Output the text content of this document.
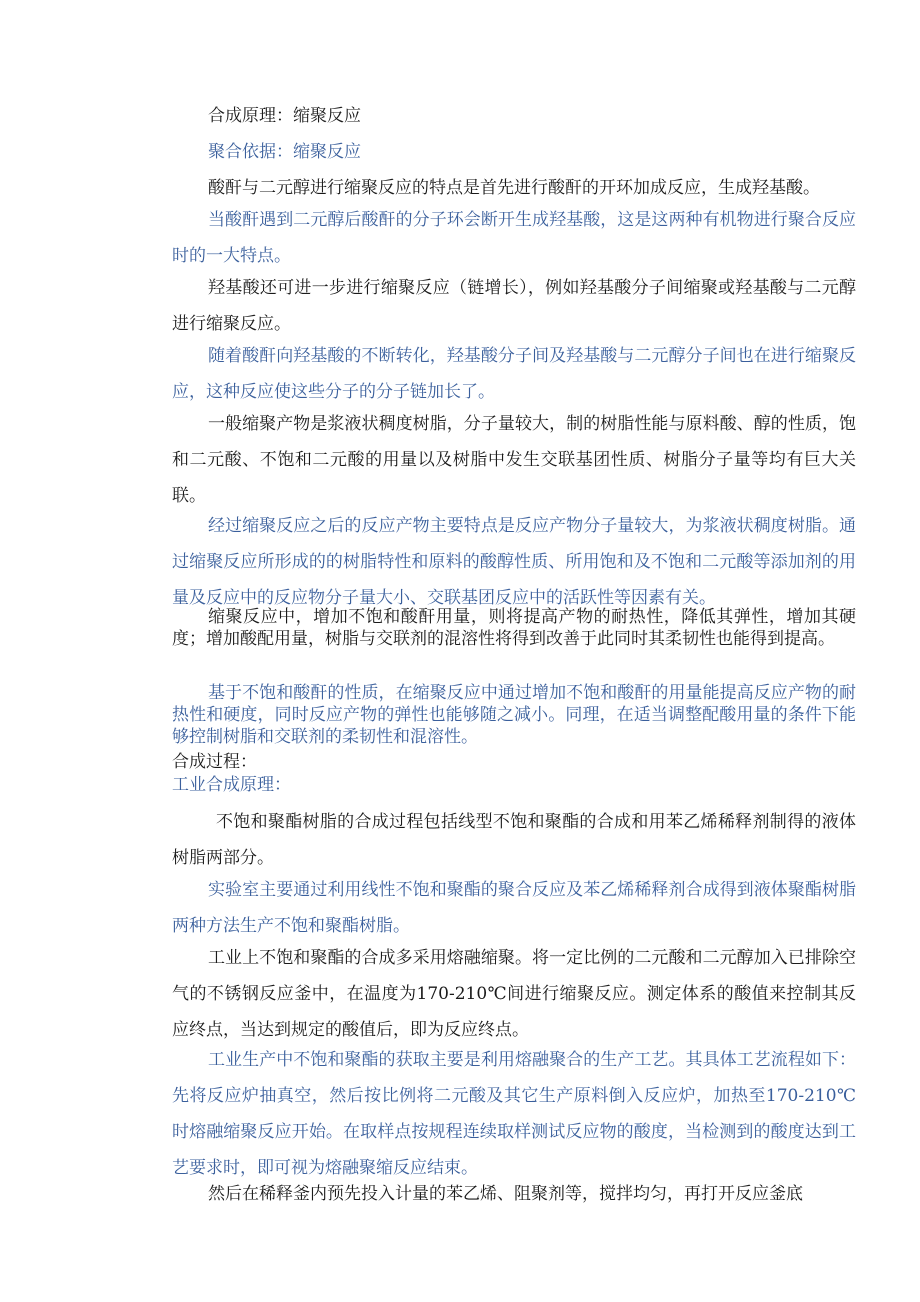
合成原理：缩聚反应

聚合依据：缩聚反应

酸酐与二元醇进行缩聚反应的特点是首先进行酸酐的开环加成反应，生成羟基酸。

当酸酐遇到二元醇后酸酐的分子环会断开生成羟基酸，这是这两种有机物进行聚合反应时的一大特点。

羟基酸还可进一步进行缩聚反应（链增长），例如羟基酸分子间缩聚或羟基酸与二元醇进行缩聚反应。

随着酸酐向羟基酸的不断转化，羟基酸分子间及羟基酸与二元醇分子间也在进行缩聚反应，这种反应使这些分子的分子链加长了。

一般缩聚产物是浆液状稠度树脂，分子量较大，制的树脂性能与原料酸、醇的性质，饱和二元酸、不饱和二元酸的用量以及树脂中发生交联基团性质、树脂分子量等均有巨大关联。

经过缩聚反应之后的反应产物主要特点是反应产物分子量较大，为浆液状稠度树脂。通过缩聚反应所形成的的树脂特性和原料的酸醇性质、所用饱和及不饱和二元酸等添加剂的用量及反应中的反应物分子量大小、交联基团反应中的活跃性等因素有关。

缩聚反应中，增加不饱和酸酐用量，则将提高产物的耐热性，降低其弹性，增加其硬度；增加酸配用量，树脂与交联剂的混溶性将得到改善于此同时其柔韧性也能得到提高。

基于不饱和酸酐的性质，在缩聚反应中通过增加不饱和酸酐的用量能提高反应产物的耐热性和硬度，同时反应产物的弹性也能够随之减小。同理，在适当调整配酸用量的条件下能够控制树脂和交联剂的柔韧性和混溶性。

合成过程：

工业合成原理：

不饱和聚酯树脂的合成过程包括线型不饱和聚酯的合成和用苯乙烯稀释剂制得的液体树脂两部分。

实验室主要通过利用线性不饱和聚酯的聚合反应及苯乙烯稀释剂合成得到液体聚酯树脂两种方法生产不饱和聚酯树脂。

工业上不饱和聚酯的合成多采用熔融缩聚。将一定比例的二元酸和二元醇加入已排除空气的不锈钢反应釜中，在温度为170-210℃间进行缩聚反应。测定体系的酸值来控制其反应终点，当达到规定的酸值后，即为反应终点。

工业生产中不饱和聚酯的获取主要是利用熔融聚合的生产工艺。其具体工艺流程如下：先将反应炉抽真空，然后按比例将二元酸及其它生产原料倒入反应炉，加热至170-210℃时熔融缩聚反应开始。在取样点按规程连续取样测试反应物的酸度，当检测到的酸度达到工艺要求时，即可视为熔融聚缩反应结束。

然后在稀释釜内预先投入计量的苯乙烯、阻聚剂等，搅拌均匀，再打开反应釜底
